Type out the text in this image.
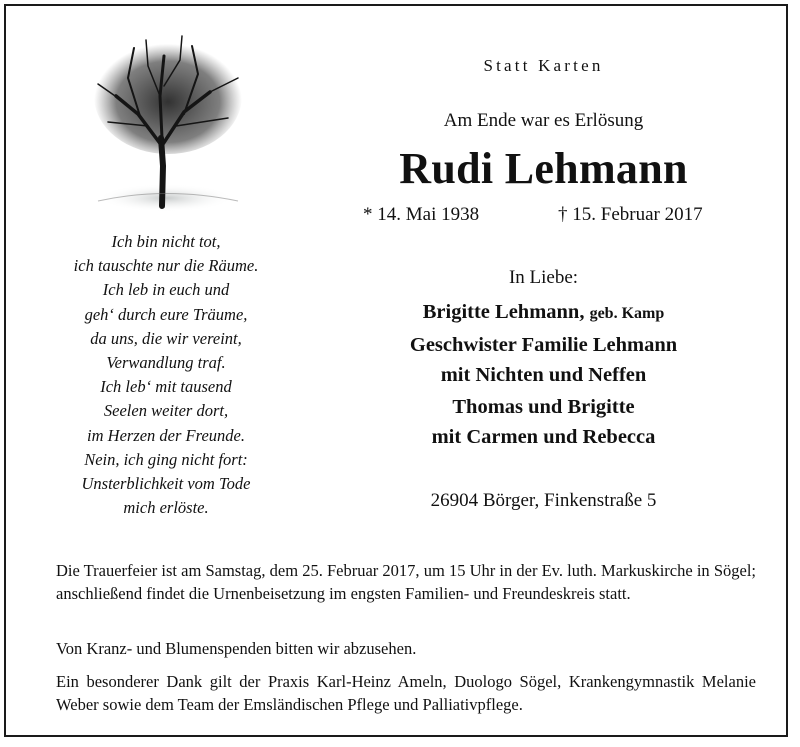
Ich bin nicht tot,
ich tauschte nur die Räume.
Ich leb in euch und
geh‘ durch eure Träume,
da uns, die wir vereint,
Verwandlung traf.
Ich leb‘ mit tausend
Seelen weiter dort,
im Herzen der Freunde.
Nein, ich ging nicht fort:
Unsterblichkeit vom Tode
mich erlöste.
Statt Karten
Am Ende war es Erlösung
Rudi Lehmann
* 14. Mai 1938	† 15. Februar 2017
In Liebe:
Brigitte Lehmann, geb. Kamp
Geschwister Familie Lehmann
mit Nichten und Neffen
Thomas und Brigitte
mit Carmen und Rebecca
26904 Börger, Finkenstraße 5

Die Trauerfeier ist am Samstag, dem 25. Februar 2017, um 15 Uhr in der Ev. luth. Markuskirche in Sögel; anschließend findet die Urnenbeisetzung im engsten Familien- und Freundeskreis statt.

Von Kranz- und Blumenspenden bitten wir abzusehen.

Ein besonderer Dank gilt der Praxis Karl-Heinz Ameln, Duologo Sögel, Krankengymnastik Melanie Weber sowie dem Team der Emsländischen Pflege und Palliativpflege.
